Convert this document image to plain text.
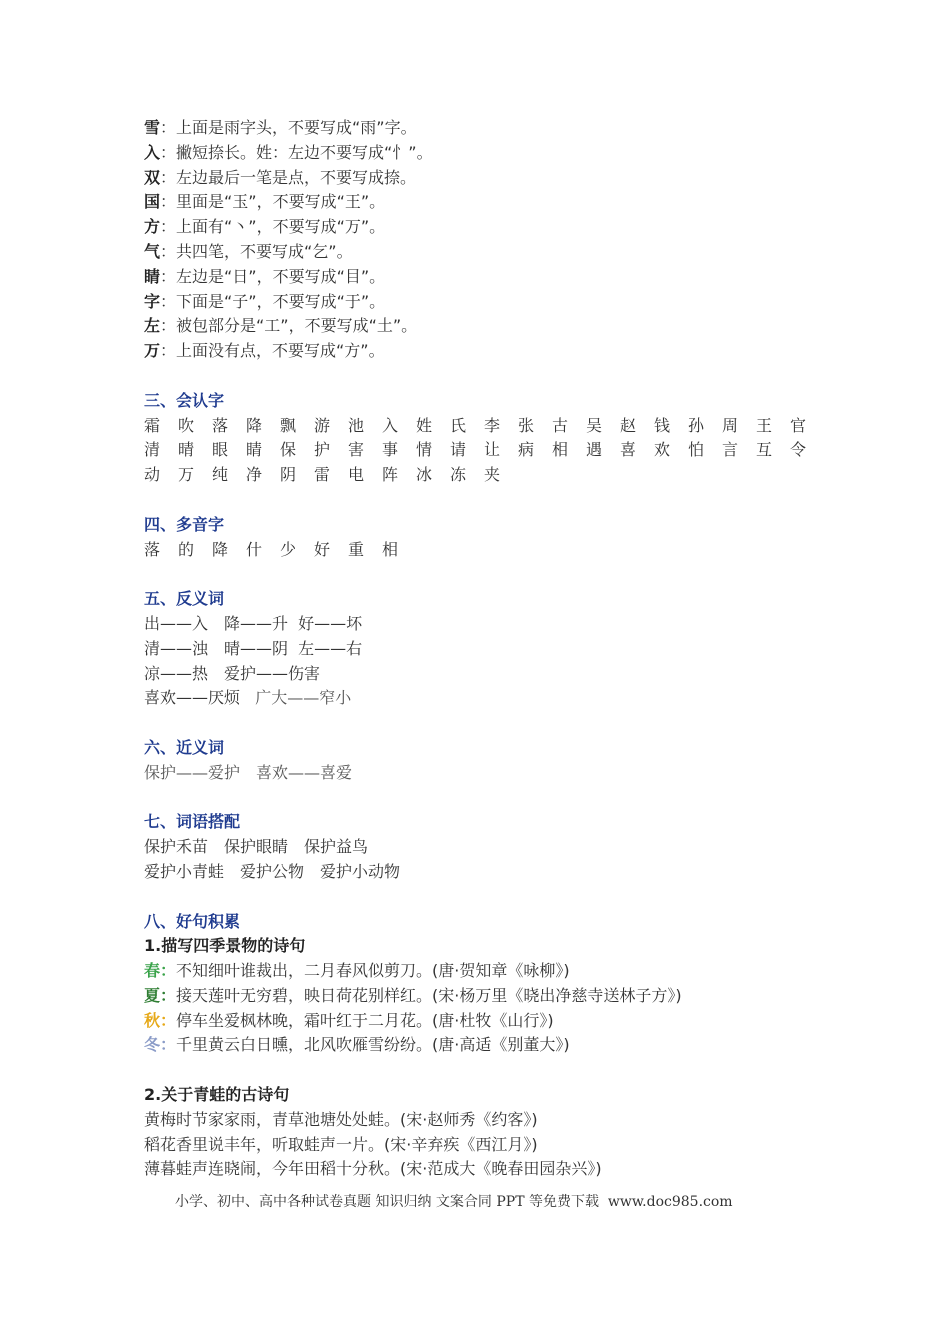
雪：上面是雨字头，不要写成“雨”字。
入：撇短捺长。姓：左边不要写成“忄”。
双：左边最后一笔是点，不要写成捺。
国：里面是“玉”，不要写成“王”。
方：上面有“丶”，不要写成“万”。
气：共四笔，不要写成“乞”。
睛：左边是“日”，不要写成“目”。
字：下面是“子”，不要写成“于”。
左：被包部分是“工”，不要写成“土”。
万：上面没有点，不要写成“方”。
三、会认字
霜 吹 落 降 飘 游 池 入 姓 氏 李 张 古 吴 赵 钱 孙 周 王 官
清 晴 眼 睛 保 护 害 事 情 请 让 病 相 遇 喜 欢 怕 言 互 令
动 万 纯 净 阴 雷 电 阵 冰 冻 夹
四、多音字
落 的 降 什 少 好 重 相
五、反义词
出——入　降——升  好——坏
清——浊　晴——阴  左——右
凉——热　爱护——伤害
喜欢——厌烦 广大——窄小
六、近义词
保护——爱护　喜欢——喜爱
七、词语搭配
保护禾苗　保护眼睛　保护益鸟
爱护小青蛙　爱护公物　爱护小动物
八、好句积累
1.描写四季景物的诗句
春：不知细叶谁裁出，二月春风似剪刀。(唐·贺知章《咏柳》)
夏：接天莲叶无穷碧，映日荷花别样红。(宋·杨万里《晓出净慈寺送林子方》)
秋：停车坐爱枫林晚，霜叶红于二月花。(唐·杜牧《山行》)
冬：千里黄云白日曛，北风吹雁雪纷纷。(唐·高适《别董大》)
2.关于青蛙的古诗句
黄梅时节家家雨，青草池塘处处蛙。(宋·赵师秀《约客》)
稻花香里说丰年，听取蛙声一片。(宋·辛弃疾《西江月》)
薄暮蛙声连晓闹，今年田稻十分秋。(宋·范成大《晚春田园杂兴》)
小学、初中、高中各种试卷真题 知识归纳 文案合同 PPT 等免费下载  www.doc985.com
